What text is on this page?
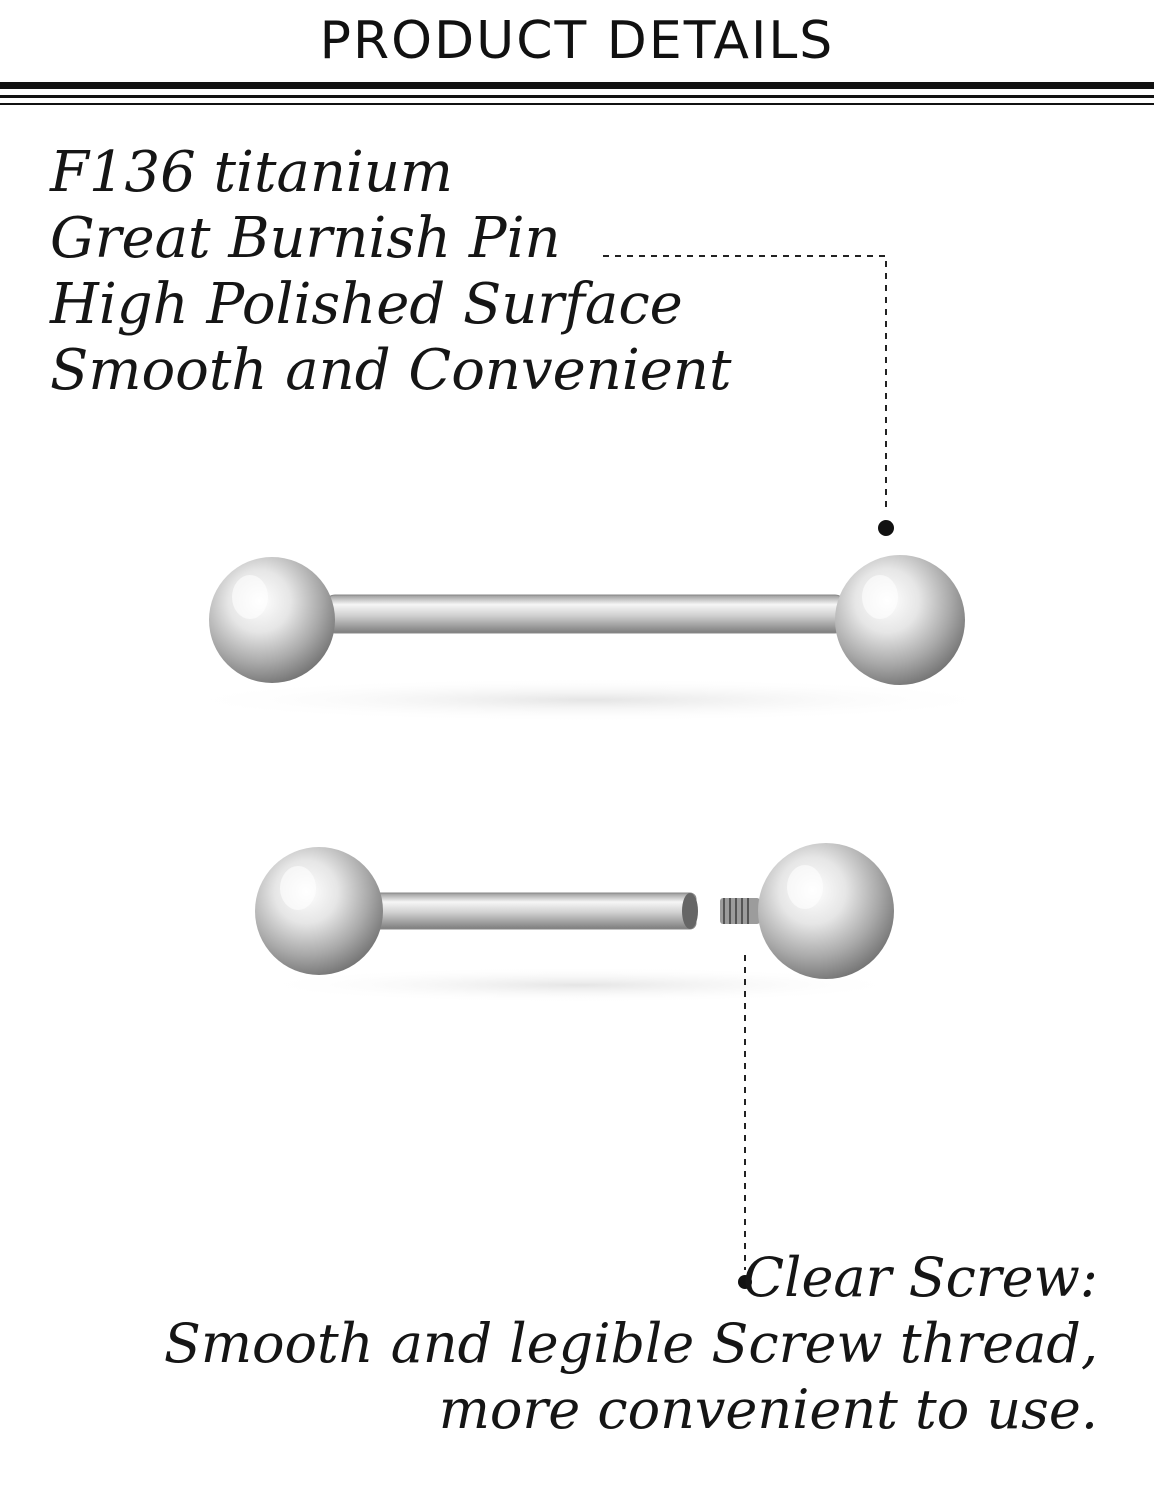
PRODUCT DETAILS
F136 titanium
Great Burnish Pin
High Polished Surface
Smooth and Convenient
Clear Screw:
Smooth and legible Screw thread,
more convenient to use.
